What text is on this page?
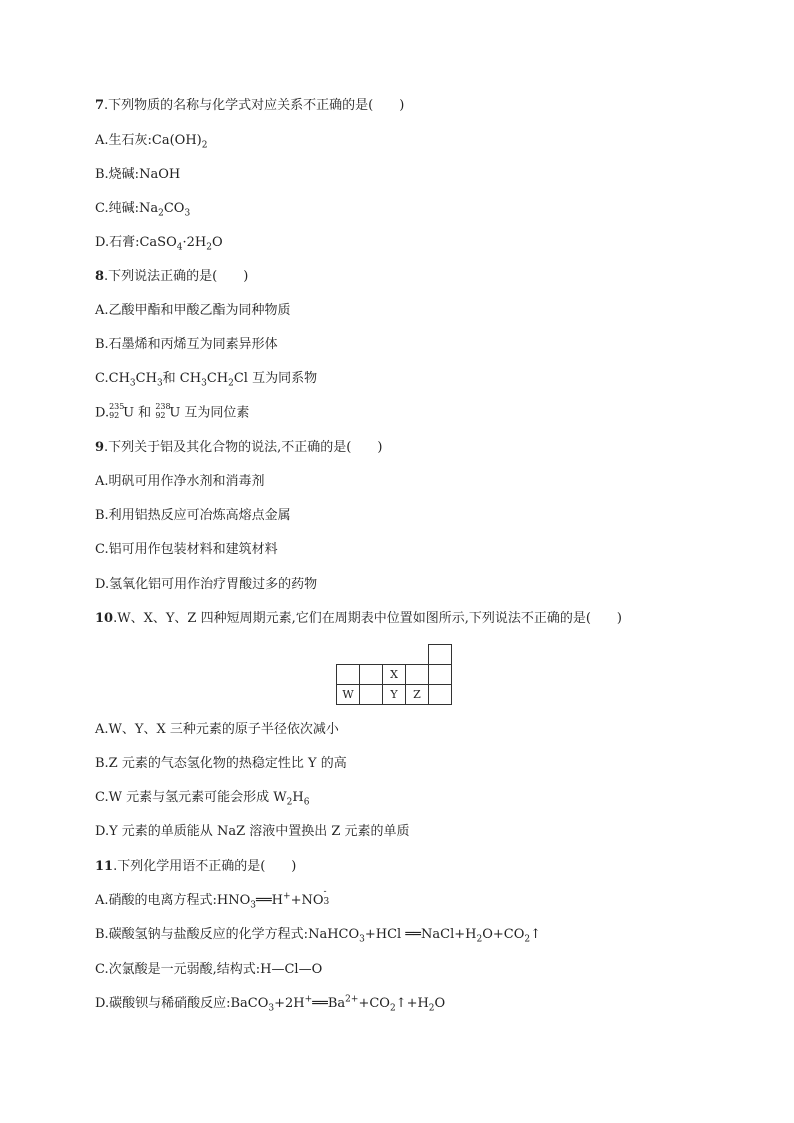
7.下列物质的名称与化学式对应关系不正确的是(　　)
A.生石灰$:Ca(OH)_2$
B.烧碱:NaOH
C.纯碱$:Na_2CO_3$
D.石膏$:CaSO_4\cdot 2H_2O$
8.下列说法正确的是(　　)
A.乙酸甲酯和甲酸乙酯为同种物质
B.石墨烯和丙烯互为同素异形体
$C.CH_3CH_3$和 $CH_3CH_2Cl$ 互为同系物
D. 235
92 U 和 238
92 U 互为同位素
9.下列关于铝及其化合物的说法,不正确的是(　　)
A.明矾可用作净水剂和消毒剂
B.利用铝热反应可冶炼高熔点金属
C.铝可用作包装材料和建筑材料
D.氢氧化铝可用作治疗胃酸过多的药物
10.W、X、Y、Z 四种短周期元素,它们在周期表中位置如图所示,下列说法不正确的是(　　)

		X		
W		Y	Z	
A.W、Y、X 三种元素的原子半径依次减小
B.Z 元素的气态氢化物的热稳定性比 Y 的高
C.W 元素与氢元素可能会形成 $W_2H_6$
D.Y 元素的单质能从 NaZ 溶液中置换出 Z 元素的单质
11.下列化学用语不正确的是(　　)
A.硝酸的电离方程式$:HNO_3══H^++NO$
-
3
B.碳酸氢钠与盐酸反应的化学方程式:NaHCO$_3$+HCl $══NaCl+H_2O+CO_2↑$
C.次氯酸是一元弱酸,结构式:H—Cl—O
D.碳酸钡与稀硝酸反应$:BaCO_3+2H^+══Ba^{2+}+CO_2↑+H_2O$
